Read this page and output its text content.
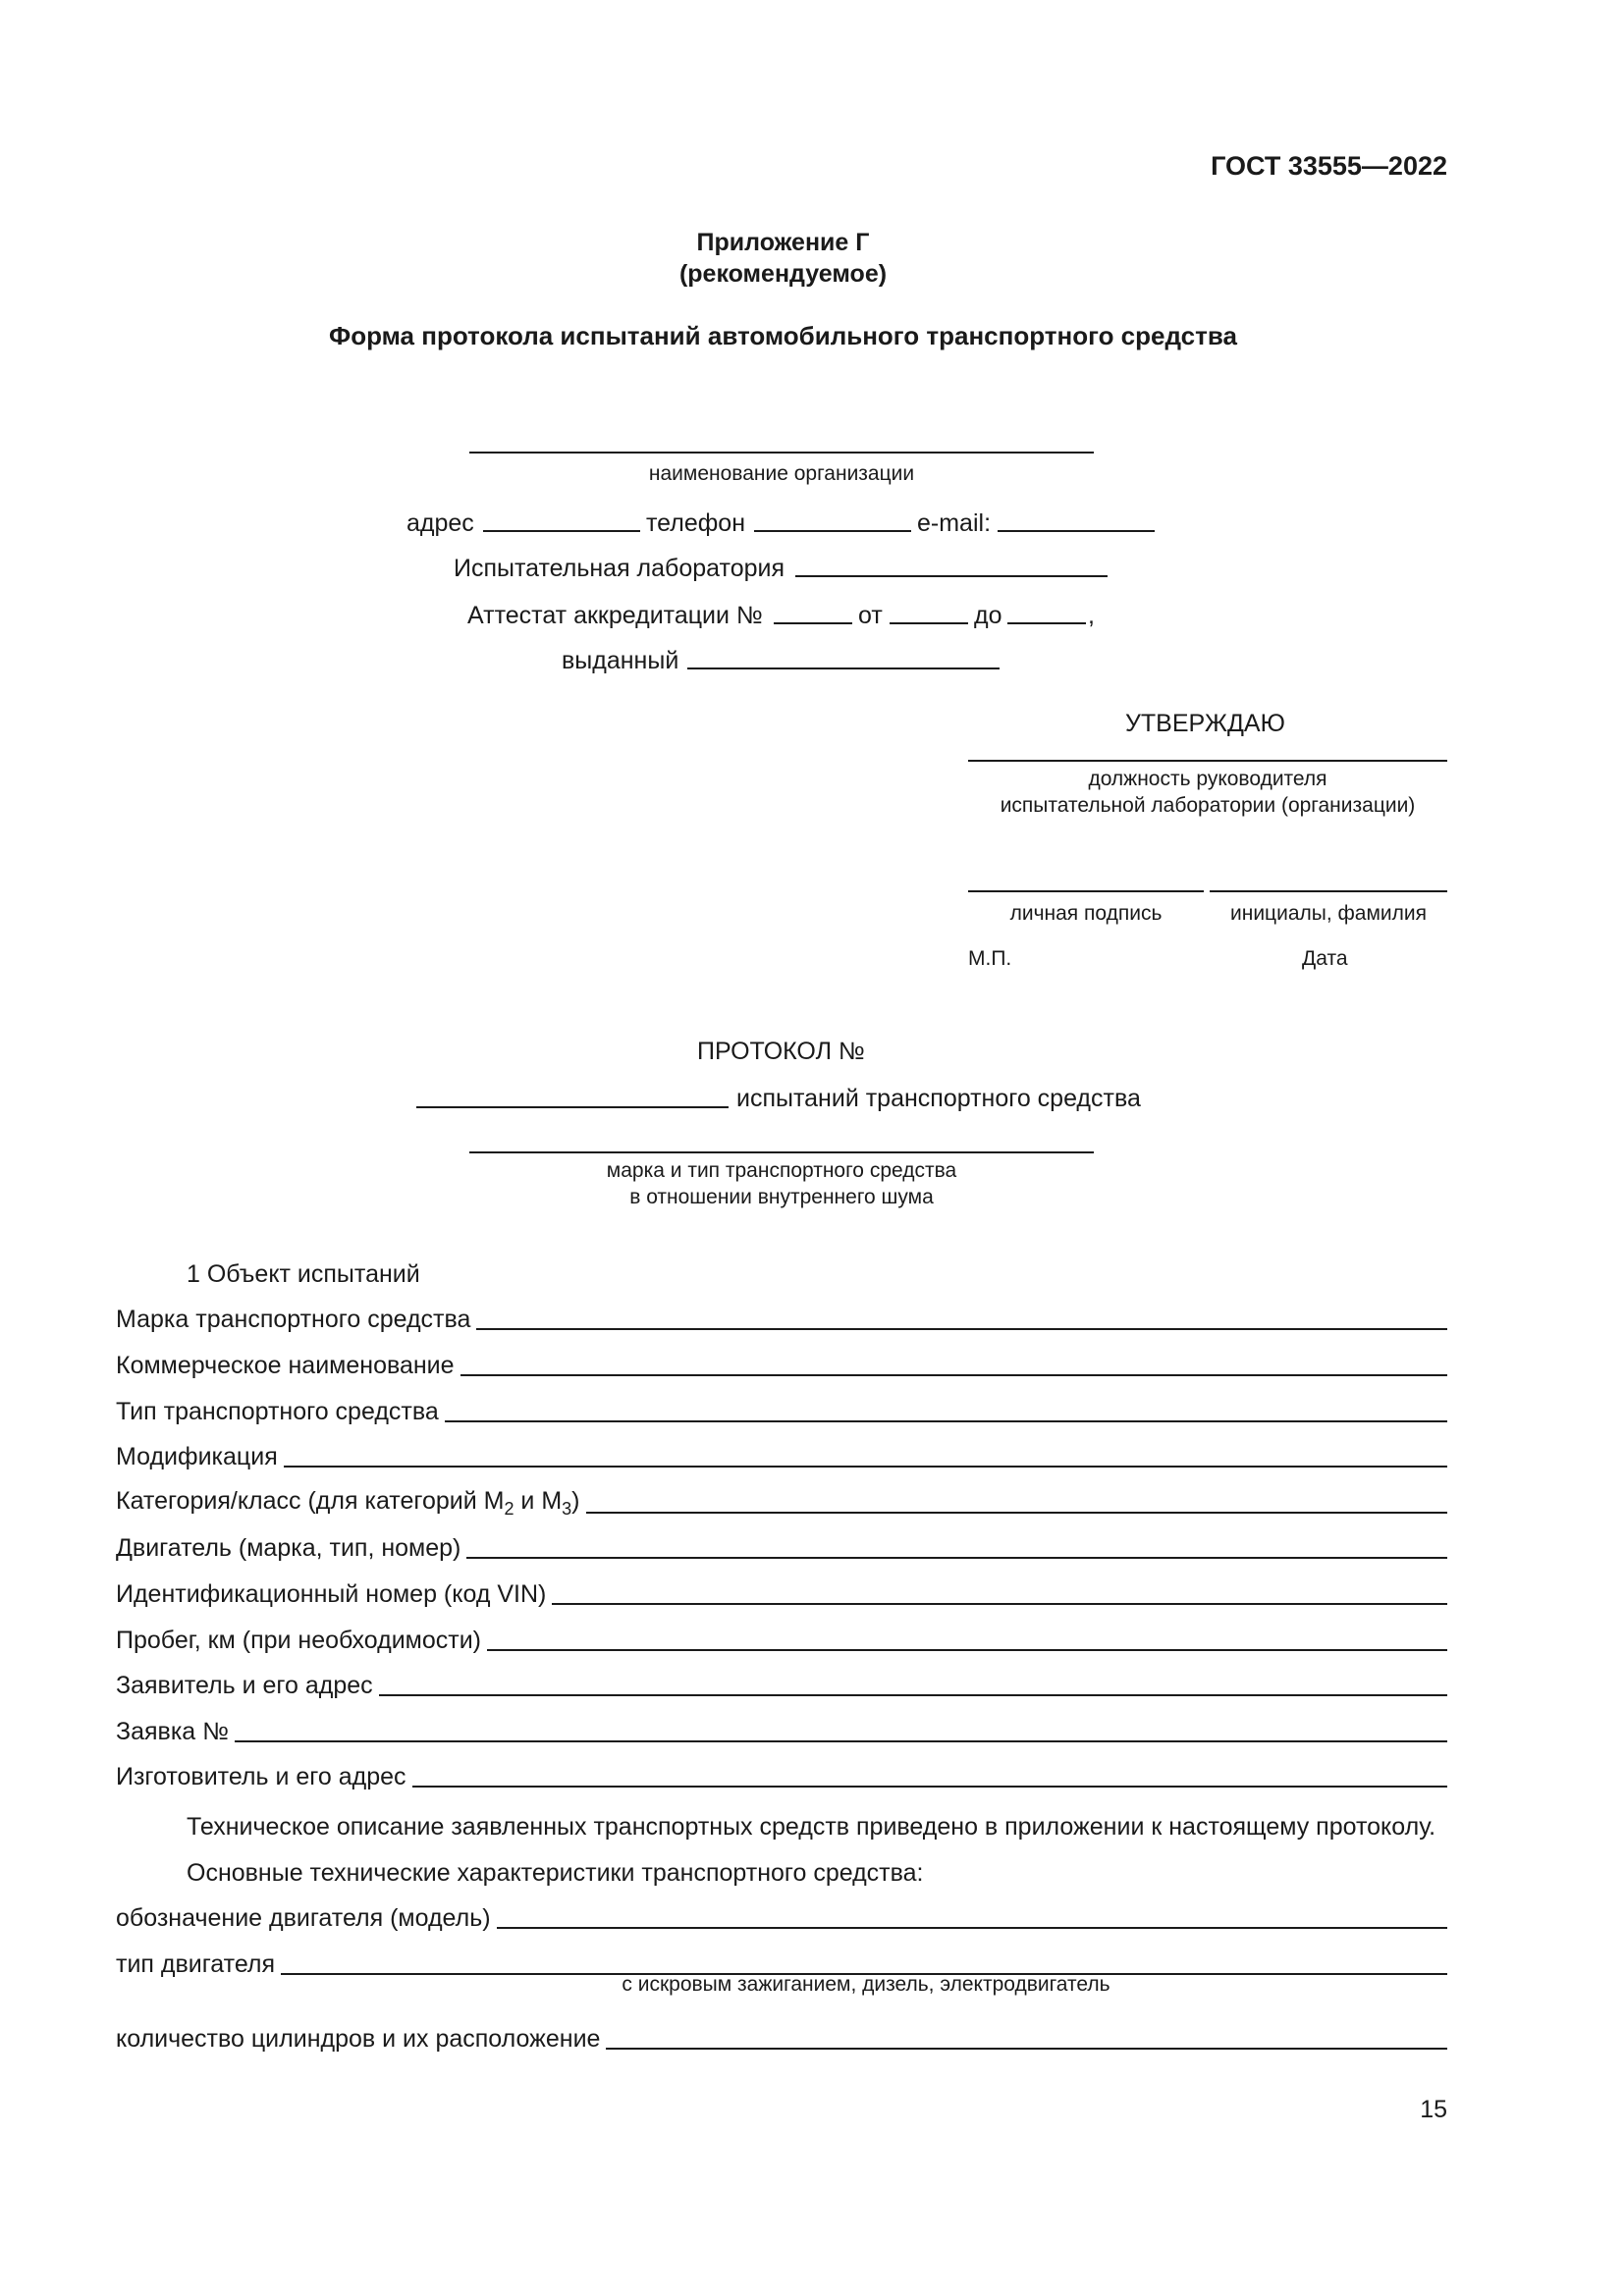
ГОСТ 33555—2022
Приложение Г
(рекомендуемое)
Форма протокола испытаний автомобильного транспортного средства
наименование организации
адрес	телефон	e-mail:
Испытательная лаборатория
Аттестат аккредитации №	от	до	,
выданный
УТВЕРЖДАЮ
должность руководителя
испытательной лаборатории (организации)
личная подпись	инициалы, фамилия
М.П.	Дата
ПРОТОКОЛ №
испытаний транспортного средства
марка и тип транспортного средства
в отношении внутреннего шума
1 Объект испытаний
Марка транспортного средства
Коммерческое наименование
Тип транспортного средства
Модификация
Категория/класс (для категорий $М_2$ и $М_3$)
Двигатель (марка, тип, номер)
Идентификационный номер (код VIN)
Пробег, км (при необходимости)
Заявитель и его адрес
Заявка №
Изготовитель и его адрес
Техническое описание заявленных транспортных средств приведено в приложении к настоящему протоколу.
Основные технические характеристики транспортного средства:
обозначение двигателя (модель)
тип двигателя
с искровым зажиганием, дизель, электродвигатель
количество цилиндров и их расположение
15
